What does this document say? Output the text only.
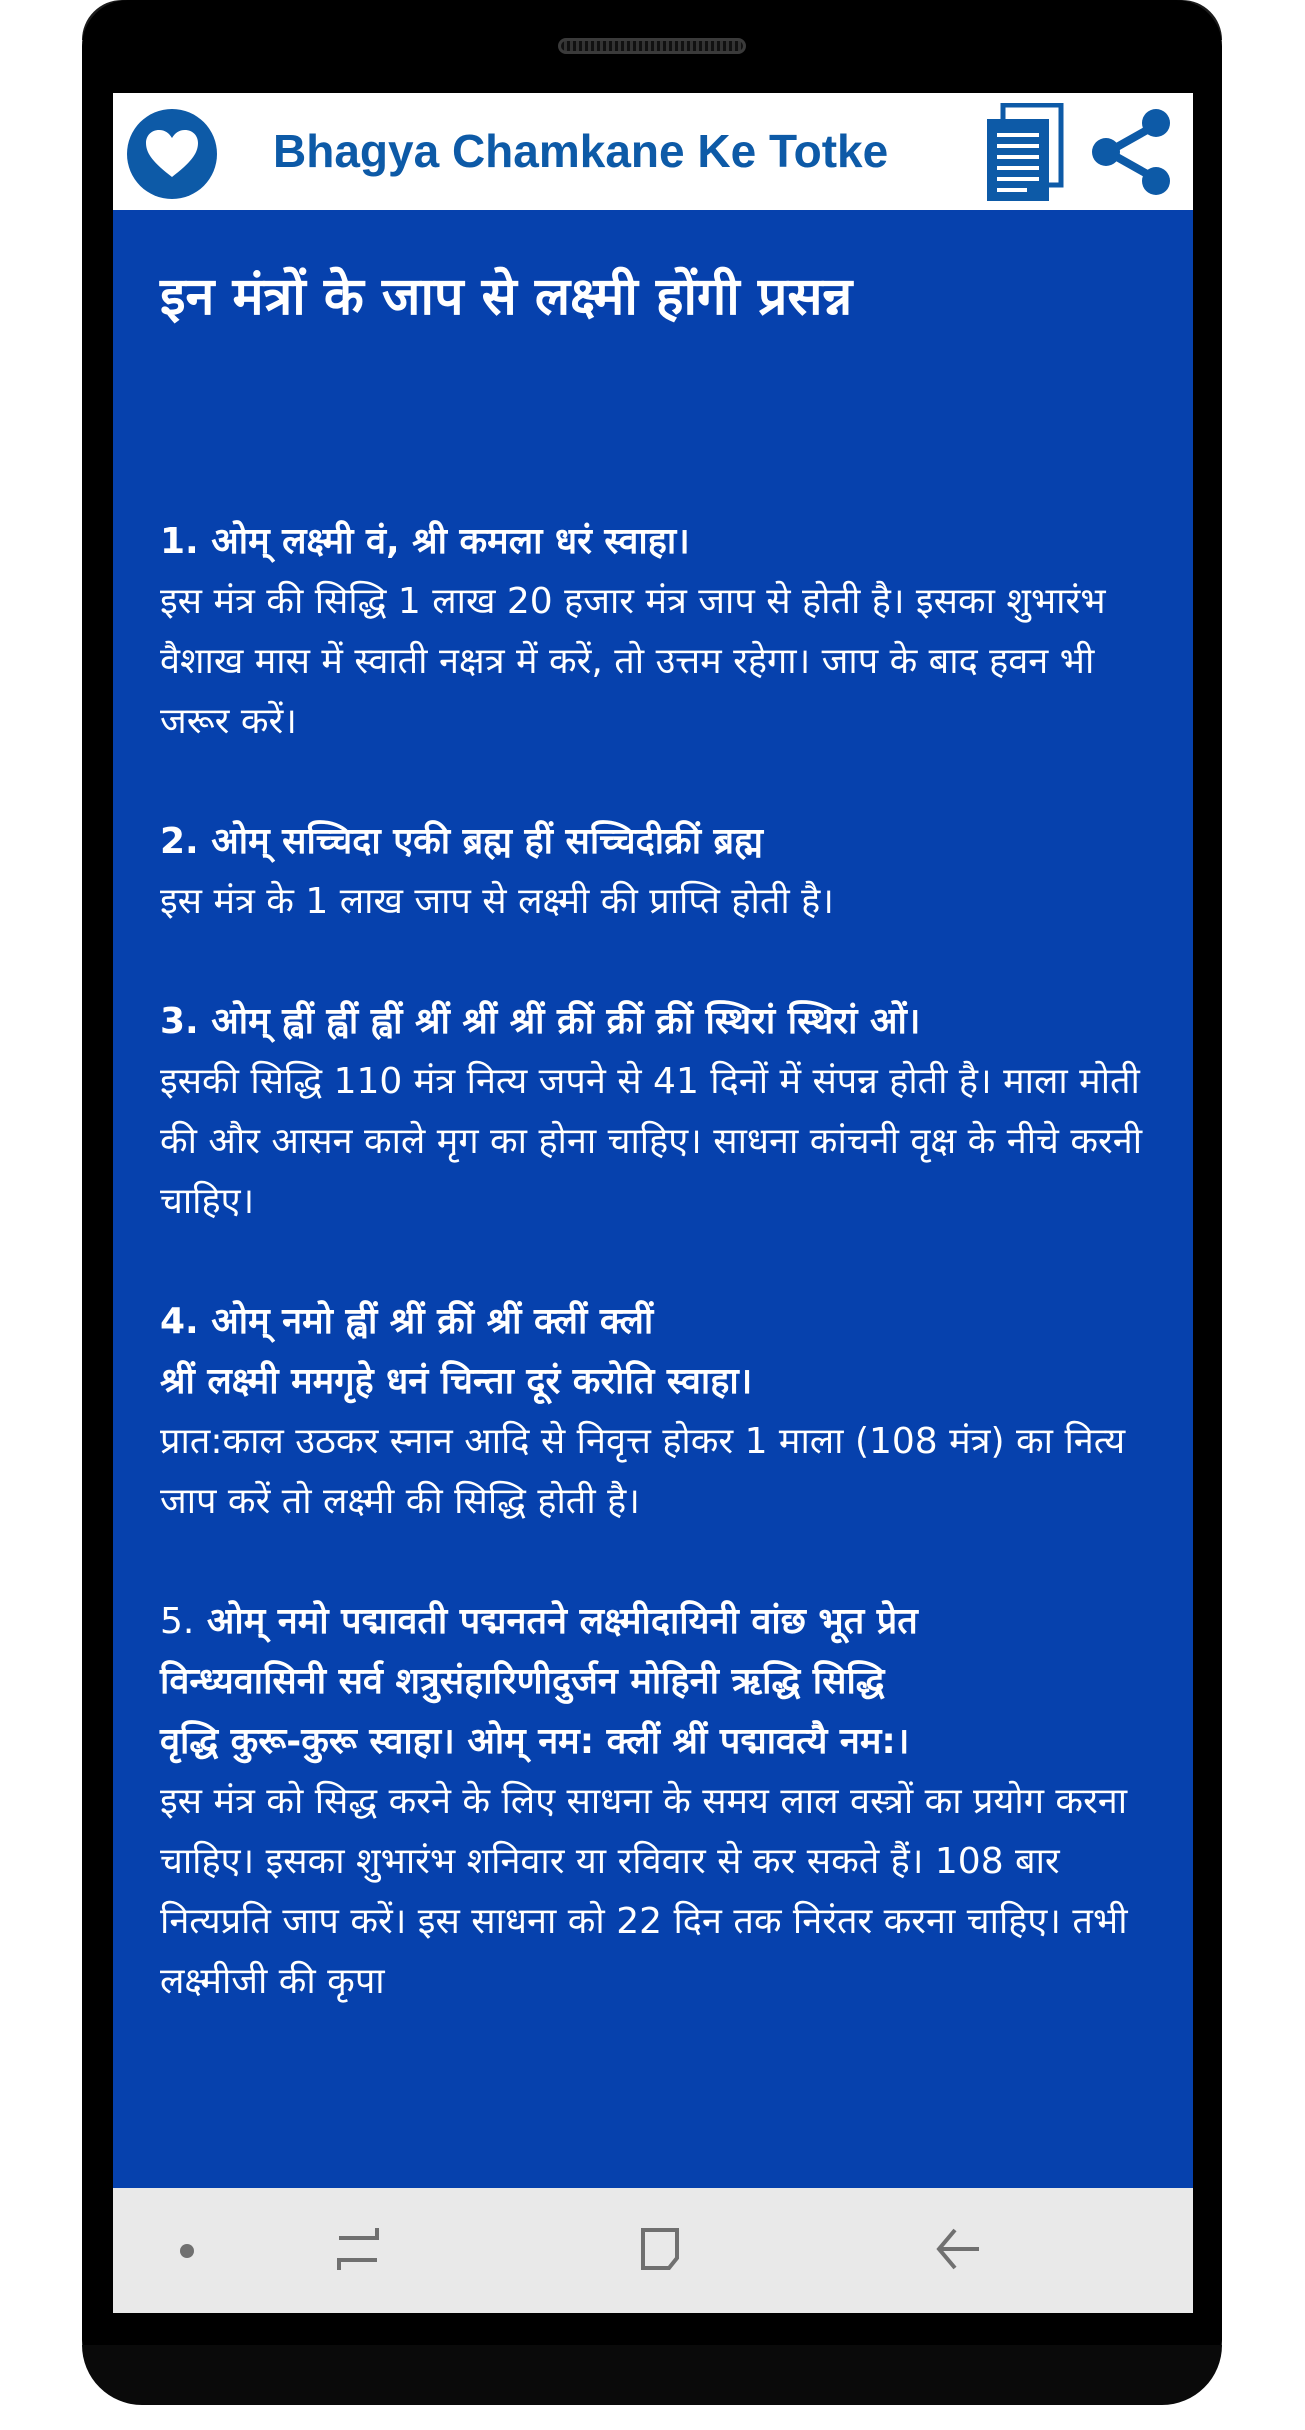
Bhagya Chamkane Ke Totke
इन मंत्रों के जाप से लक्ष्मी होंगी प्रसन्न
1. ओम् लक्ष्मी वं, श्री कमला धरं स्वाहा।
इस मंत्र की सिद्धि 1 लाख 20 हजार मंत्र जाप से होती है। इसका शुभारंभ वैशाख मास में स्वाती नक्षत्र में करें, तो उत्तम रहेगा। जाप के बाद हवन भी जरूर करें।
2. ओम् सच्चिदा एकी ब्रह्म हीं सच्चिदीक्रीं ब्रह्म
इस मंत्र के 1 लाख जाप से लक्ष्मी की प्राप्ति होती है।
3. ओम् ह्वीं ह्वीं ह्वीं श्रीं श्रीं श्रीं क्रीं क्रीं क्रीं स्थिरां स्थिरां ओं।
इसकी सिद्धि 110 मंत्र नित्य जपने से 41 दिनों में संपन्न होती है। माला मोती की और आसन काले मृग का होना चाहिए। साधना कांचनी वृक्ष के नीचे करनी चाहिए।
4. ओम् नमो ह्वीं श्रीं क्रीं श्रीं क्लीं क्लीं
श्रीं लक्ष्मी ममगृहे धनं चिन्ता दूरं करोति स्वाहा।
प्रात:काल उठकर स्नान आदि से निवृत्त होकर 1 माला (108 मंत्र) का नित्य जाप करें तो लक्ष्मी की सिद्धि होती है।
5. ओम् नमो पद्मावती पद्मनतने लक्ष्मीदायिनी वांछ भूत प्रेत
विन्ध्यवासिनी सर्व शत्रुसंहारिणीदुर्जन मोहिनी ऋद्धि सिद्धि
वृद्धि कुरू-कुरू स्वाहा। ओम् नम: क्लीं श्रीं पद्मावत्यै नम:।
इस मंत्र को सिद्ध करने के लिए साधना के समय लाल वस्त्रों का प्रयोग करना चाहिए। इसका शुभारंभ शनिवार या रविवार से कर सकते हैं। 108 बार नित्यप्रति जाप करें। इस साधना को 22 दिन तक निरंतर करना चाहिए। तभी लक्ष्मीजी की कृपा
